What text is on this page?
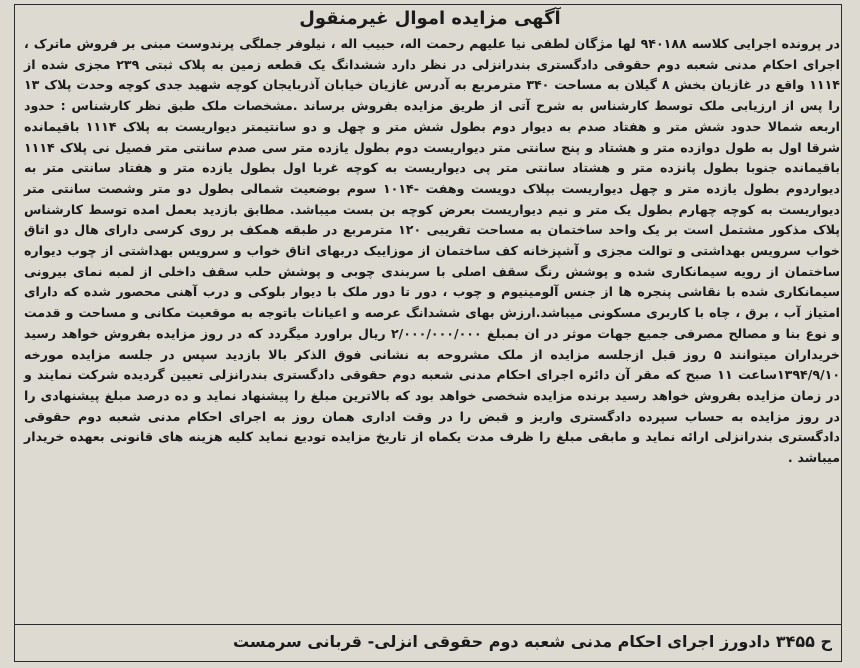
آگهی مزایده اموال غیرمنقول
در پرونده اجرایی کلاسه ۹۴۰۱۸۸ لها مژگان لطفی نیا علیهم رحمت اله، حبیب اله ، نیلوفر جملگی پرندوست مبنی بر فروش ماترک ، اجرای احکام مدنی شعبه دوم حقوقی دادگستری بندرانزلی در نظر دارد ششدانگ یک قطعه زمین به پلاک ثبتی ۲۳۹ مجزی شده از ۱۱۱۴ واقع در غازیان بخش ۸ گیلان به مساحت ۳۴۰ مترمربع به آدرس غازیان خیابان آذربایجان کوچه شهید جدی کوچه وحدت پلاک ۱۳ را پس از ارزیابی ملک توسط کارشناس به شرح آتی از طریق مزایده بفروش برساند .مشخصات ملک طبق نظر کارشناس : حدود اربعه شمالا حدود شش متر و هفتاد صدم به دیوار دوم بطول شش متر و چهل و دو سانتیمتر دیواریست به پلاک ۱۱۱۴ باقیمانده شرقا اول به طول دوازده متر و هشتاد و پنج سانتی متر دیواریست دوم بطول یازده متر سی صدم سانتی متر فصیل نی پلاک ۱۱۱۴ باقیمانده جنوبا بطول پانزده متر و هشتاد سانتی متر پی دیواریست به کوچه غربا اول بطول یازده متر و هفتاد سانتی متر به دیواردوم بطول یازده متر و چهل دیواریست بپلاک دویست وهفت -۱۰۱۴ سوم بوضعیت شمالی بطول دو متر وشصت سانتی متر دیواریست به کوچه چهارم بطول یک متر و نیم دیواریست بعرض کوچه بن بست میباشد. مطابق بازدید بعمل امده توسط کارشناس پلاک مذکور مشتمل است بر یک واحد ساختمان به مساحت تقریبی ۱۲۰ مترمربع در طبقه همکف بر روی کرسی دارای هال دو اتاق خواب سرویس بهداشتی و توالت مجزی و آشپزخانه کف ساختمان از موزاییک دربهای اتاق خواب و سرویس بهداشتی از چوب دیواره ساختمان از رویه سیمانکاری شده و پوشش رنگ سقف اصلی با سربندی چوبی و پوشش حلب سقف داخلی از لمبه نمای بیرونی سیمانکاری شده با نقاشی پنجره ها از جنس آلومینیوم و چوب ، دور تا دور ملک با دیوار بلوکی و درب آهنی محصور شده که دارای امتیاز آب ، برق ، چاه با کاربری مسکونی میباشد.ارزش بهای ششدانگ عرصه و اعیانات باتوجه به موقعیت مکانی و مساحت و قدمت و نوع بنا و مصالح مصرفی جمیع جهات موثر در ان بمبلغ ۲/۰۰۰/۰۰۰/۰۰۰ ریال براورد میگردد که در روز مزایده بفروش خواهد رسید خریداران میتوانند ۵ روز قبل ازجلسه مزایده از ملک مشروحه به نشانی فوق الذکر بالا بازدید سپس در جلسه مزایده مورخه ۱۳۹۴/۹/۱۰ساعت ۱۱ صبح که مقر آن دائره اجرای احکام مدنی شعبه دوم حقوقی دادگستری بندرانزلی تعیین گردیده شرکت نمایند و در زمان مزایده بفروش خواهد رسید برنده مزایده شخصی خواهد بود که بالاترین مبلغ را پیشنهاد نماید و ده درصد مبلغ پیشنهادی را در روز مزایده به حساب سپرده دادگستری واریز و قبض را در وقت اداری همان روز به اجرای احکام مدنی شعبه دوم حقوقی دادگستری بندرانزلی ارائه نماید و مابقی مبلغ را ظرف مدت یکماه از تاریخ مزایده تودیع نماید کلیه هزینه های قانونی بعهده خریدار میباشد .
ح ۳۴۵۵ دادورز اجرای احکام مدنی شعبه دوم حقوقی انزلی- قربانی سرمست
